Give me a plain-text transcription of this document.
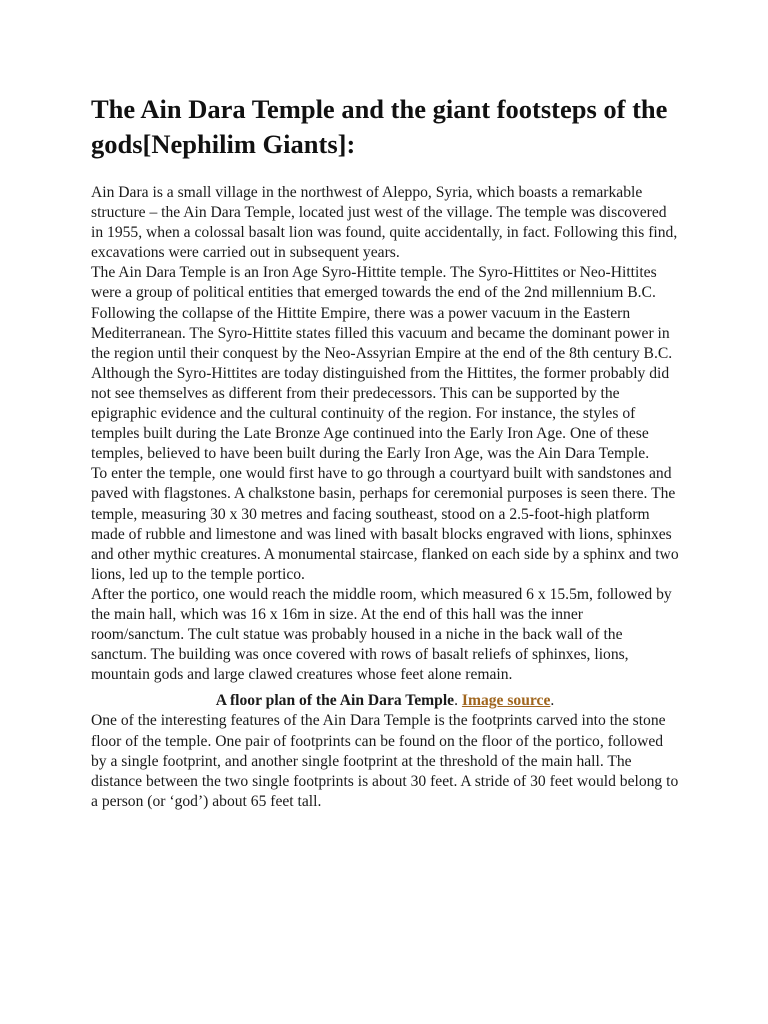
The Ain Dara Temple and the giant footsteps of the gods[Nephilim Giants]:

Ain Dara is a small village in the northwest of Aleppo, Syria, which boasts a remarkable structure – the Ain Dara Temple, located just west of the village. The temple was discovered in 1955, when a colossal basalt lion was found, quite accidentally, in fact. Following this find, excavations were carried out in subsequent years.

The Ain Dara Temple is an Iron Age Syro-Hittite temple. The Syro-Hittites or Neo-Hittites were a group of political entities that emerged towards the end of the 2nd millennium B.C. Following the collapse of the Hittite Empire, there was a power vacuum in the Eastern Mediterranean. The Syro-Hittite states filled this vacuum and became the dominant power in the region until their conquest by the Neo-Assyrian Empire at the end of the 8th century B.C.

Although the Syro-Hittites are today distinguished from the Hittites, the former probably did not see themselves as different from their predecessors. This can be supported by the epigraphic evidence and the cultural continuity of the region. For instance, the styles of temples built during the Late Bronze Age continued into the Early Iron Age. One of these temples, believed to have been built during the Early Iron Age, was the Ain Dara Temple.

To enter the temple, one would first have to go through a courtyard built with sandstones and paved with flagstones. A chalkstone basin, perhaps for ceremonial purposes is seen there. The temple, measuring 30 x 30 metres and facing southeast, stood on a 2.5-foot-high platform made of rubble and limestone and was lined with basalt blocks engraved with lions, sphinxes and other mythic creatures. A monumental staircase, flanked on each side by a sphinx and two lions, led up to the temple portico.

After the portico, one would reach the middle room, which measured 6 x 15.5m, followed by the main hall, which was 16 x 16m in size. At the end of this hall was the inner room/sanctum. The cult statue was probably housed in a niche in the back wall of the sanctum. The building was once covered with rows of basalt reliefs of sphinxes, lions, mountain gods and large clawed creatures whose feet alone remain.

A floor plan of the Ain Dara Temple. Image source.

One of the interesting features of the Ain Dara Temple is the footprints carved into the stone floor of the temple. One pair of footprints can be found on the floor of the portico, followed by a single footprint, and another single footprint at the threshold of the main hall. The distance between the two single footprints is about 30 feet. A stride of 30 feet would belong to a person (or ‘god’) about 65 feet tall.
